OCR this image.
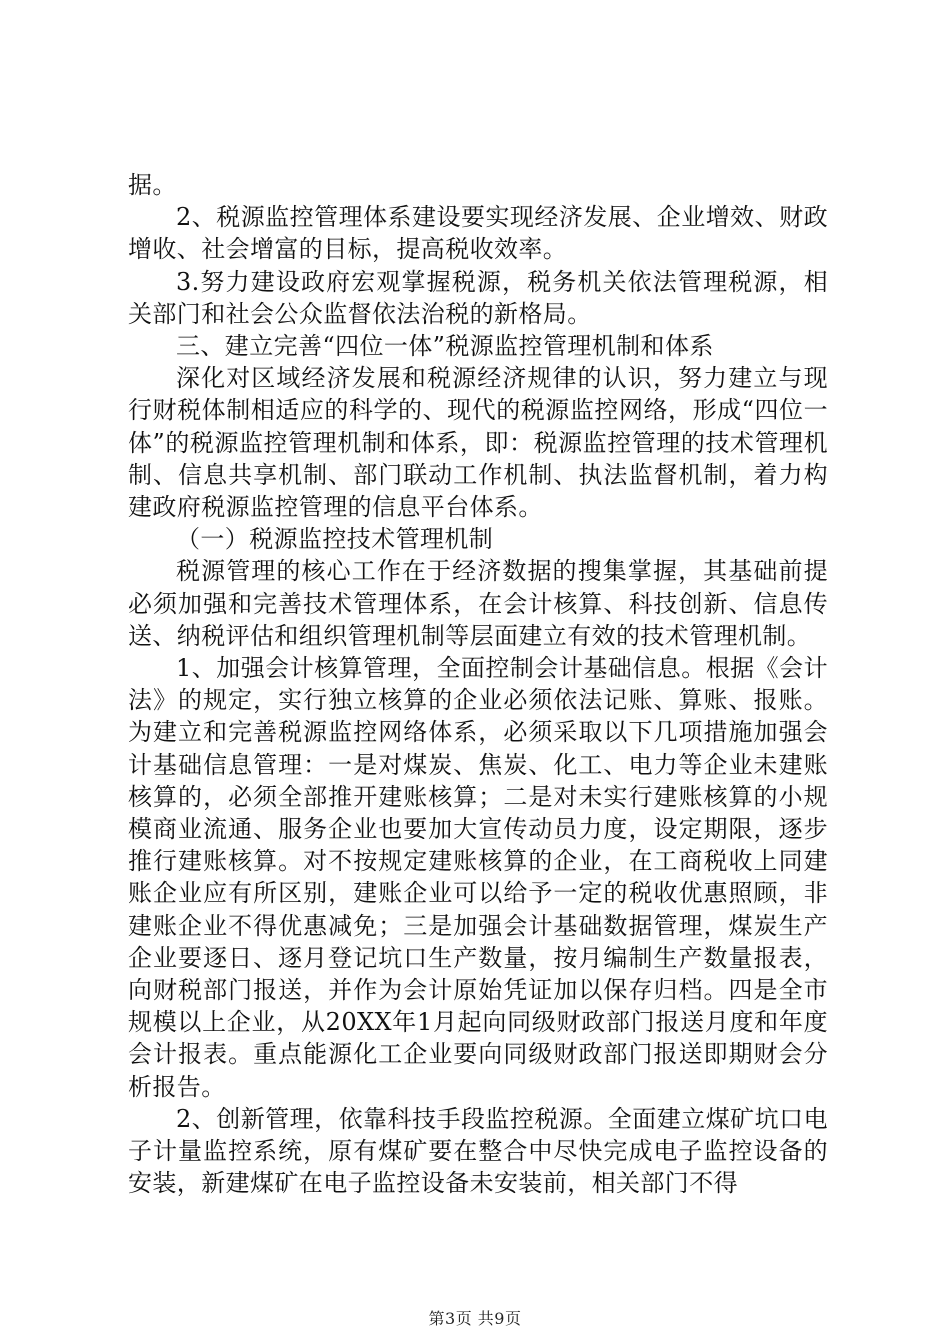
据。

2、税源监控管理体系建设要实现经济发展、企业增效、财政增收、社会增富的目标，提高税收效率。

3.努力建设政府宏观掌握税源，税务机关依法管理税源，相关部门和社会公众监督依法治税的新格局。

三、建立完善“四位一体”税源监控管理机制和体系

深化对区域经济发展和税源经济规律的认识，努力建立与现行财税体制相适应的科学的、现代的税源监控网络，形成“四位一体”的税源监控管理机制和体系，即：税源监控管理的技术管理机制、信息共享机制、部门联动工作机制、执法监督机制，着力构建政府税源监控管理的信息平台体系。

（一）税源监控技术管理机制

税源管理的核心工作在于经济数据的搜集掌握，其基础前提必须加强和完善技术管理体系，在会计核算、科技创新、信息传送、纳税评估和组织管理机制等层面建立有效的技术管理机制。

1、加强会计核算管理，全面控制会计基础信息。根据《会计法》的规定，实行独立核算的企业必须依法记账、算账、报账。为建立和完善税源监控网络体系，必须采取以下几项措施加强会计基础信息管理：一是对煤炭、焦炭、化工、电力等企业未建账核算的，必须全部推开建账核算；二是对未实行建账核算的小规模商业流通、服务企业也要加大宣传动员力度，设定期限，逐步推行建账核算。对不按规定建账核算的企业，在工商税收上同建账企业应有所区别，建账企业可以给予一定的税收优惠照顾，非建账企业不得优惠减免；三是加强会计基础数据管理，煤炭生产企业要逐日、逐月登记坑口生产数量，按月编制生产数量报表，向财税部门报送，并作为会计原始凭证加以保存归档。四是全市规模以上企业，从20XX年1月起向同级财政部门报送月度和年度会计报表。重点能源化工企业要向同级财政部门报送即期财会分析报告。

2、创新管理，依靠科技手段监控税源。全面建立煤矿坑口电子计量监控系统，原有煤矿要在整合中尽快完成电子监控设备的安装，新建煤矿在电子监控设备未安装前，相关部门不得

第3页 共9页
